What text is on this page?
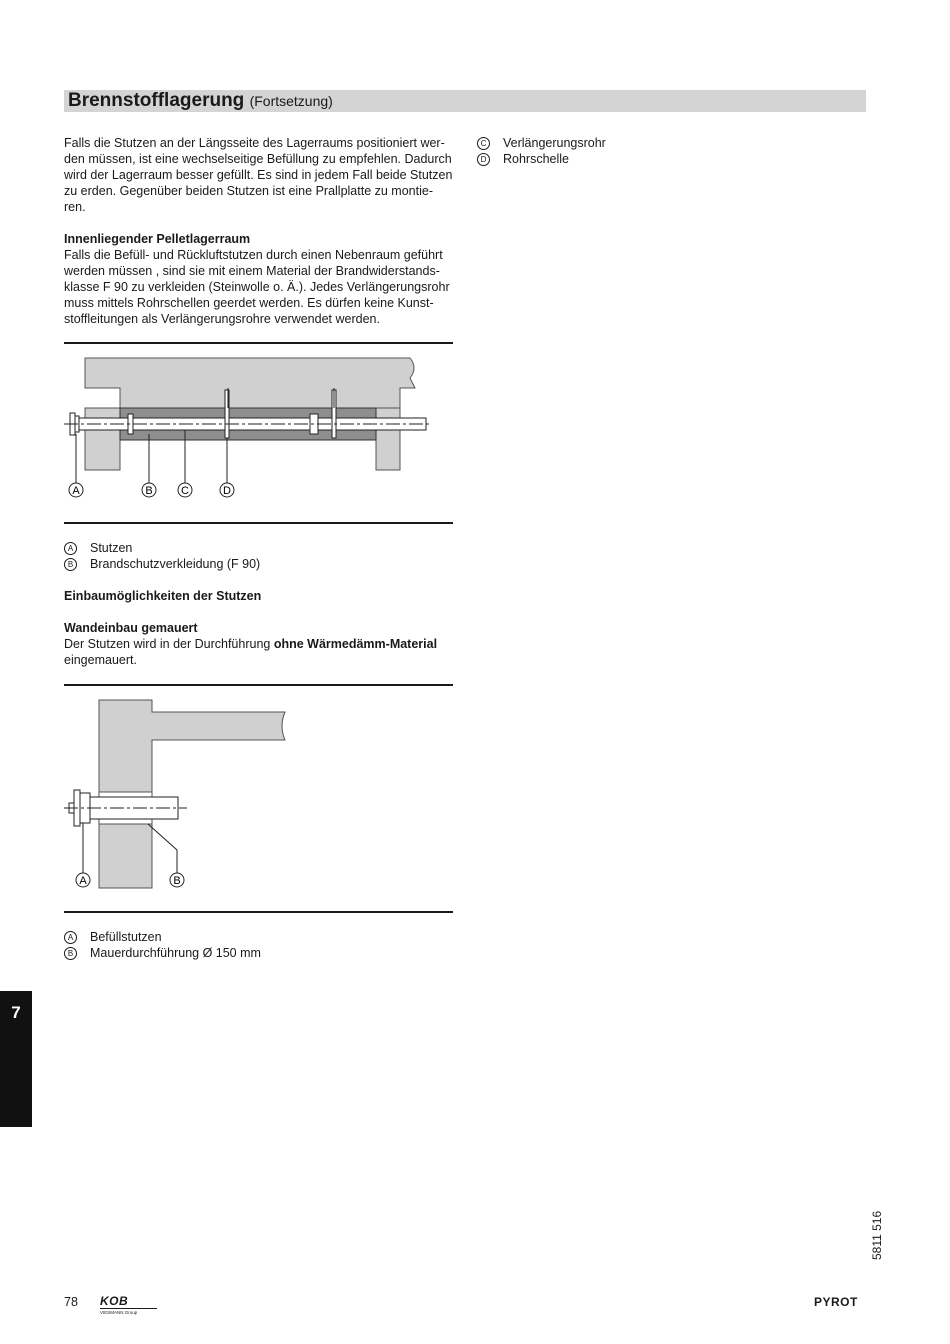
Brennstofflagerung (Fortsetzung)
Falls die Stutzen an der Längsseite des Lagerraums positioniert wer-
den müssen, ist eine wechselseitige Befüllung zu empfehlen. Dadurch
wird der Lagerraum besser gefüllt. Es sind in jedem Fall beide Stutzen
zu erden. Gegenüber beiden Stutzen ist eine Prallplatte zu montie-
ren.
Innenliegender Pelletlagerraum
Falls die Befüll- und Rückluftstutzen durch einen Nebenraum geführt
werden müssen , sind sie mit einem Material der Brandwiderstands-
klasse F 90 zu verkleiden (Steinwolle o. Ä.). Jedes Verlängerungsrohr
muss mittels Rohrschellen geerdet werden. Es dürfen keine Kunst-
stoffleitungen als Verlängerungsrohre verwendet werden.
C Verlängerungsrohr
D Rohrschelle
A	B	C	D
A	Stutzen
B	Brandschutzverkleidung (F 90)
Einbaumöglichkeiten der Stutzen
Wandeinbau gemauert
Der Stutzen wird in der Durchführung ohne Wärmedämm-Material
eingemauert.
A	B
A	Befüllstutzen
B	Mauerdurchführung Ø 150 mm
7
5811 516
78 KOB
VIESMANN Group
PYROT
